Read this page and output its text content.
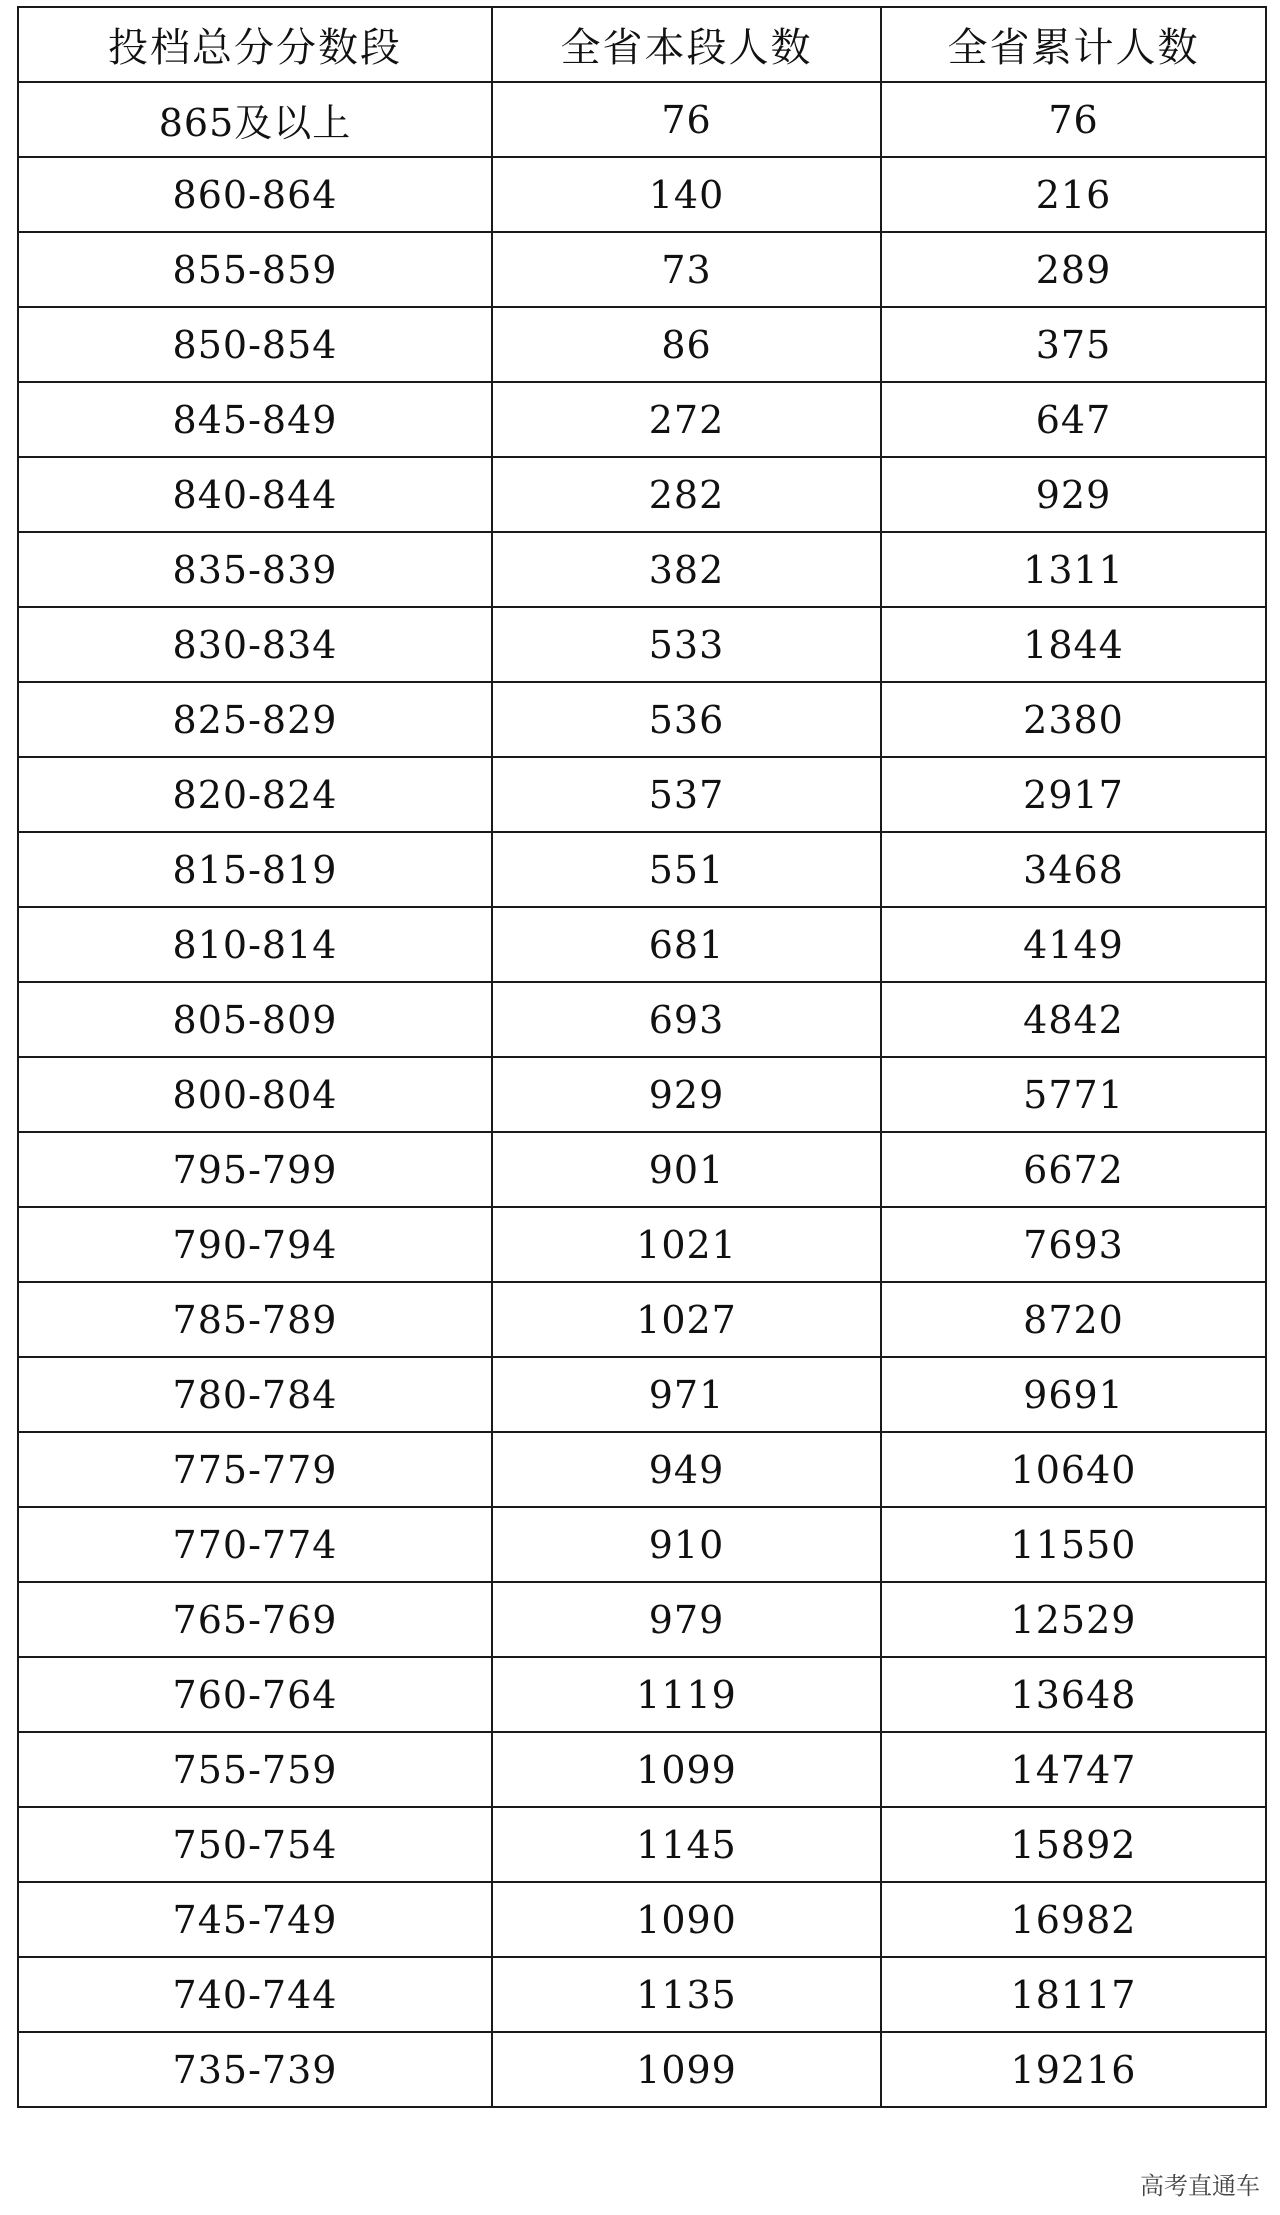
投档总分分数段	全省本段人数	全省累计人数
865及以上	76	76
860-864	140	216
855-859	73	289
850-854	86	375
845-849	272	647
840-844	282	929
835-839	382	1311
830-834	533	1844
825-829	536	2380
820-824	537	2917
815-819	551	3468
810-814	681	4149
805-809	693	4842
800-804	929	5771
795-799	901	6672
790-794	1021	7693
785-789	1027	8720
780-784	971	9691
775-779	949	10640
770-774	910	11550
765-769	979	12529
760-764	1119	13648
755-759	1099	14747
750-754	1145	15892
745-749	1090	16982
740-744	1135	18117
735-739	1099	19216
高考直通车
